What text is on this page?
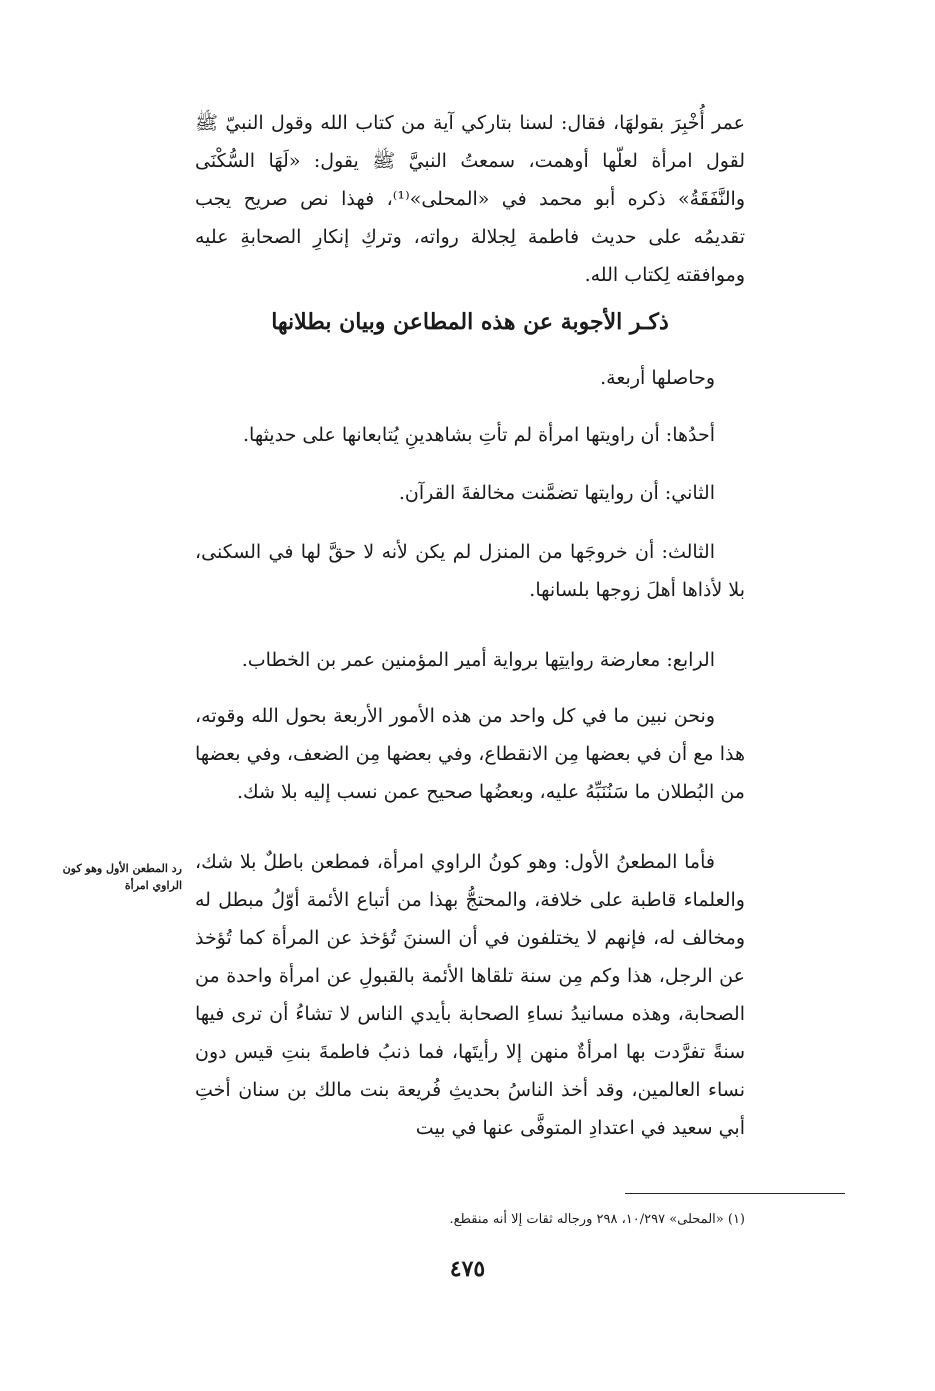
عمر أُخْبِرَ بقولهَا، فقال: لسنا بتاركي آية من كتاب الله وقول النبيّ ﷺ لقول امرأة لعلّها أوهمت، سمعتُ النبيَّ ﷺ يقول: «لَهَا السُّكْنَى والنَّفَقَةُ» ذكره أبو محمد في «المحلى»⁽¹⁾، فهذا نص صريح يجب تقديمُه على حديث فاطمة لِجلالة رواته، وتركِ إنكارِ الصحابةِ عليه وموافقته لِكتاب الله.

ذكـر الأجوبة عن هذه المطاعن وبيان بطلانها

وحاصلها أربعة.

أحدُها: أن راويتها امرأة لم تأتِ بشاهدينِ يُتابعانها على حديثها.

الثاني: أن روايتها تضمَّنت مخالفةَ القرآن.

الثالث: أن خروجَها من المنزل لم يكن لأنه لا حقَّ لها في السكنى، بلا لأذاها أهلَ زوجها بلسانها.

الرابع: معارضة روايتِها برواية أمير المؤمنين عمر بن الخطاب.

ونحن نبين ما في كل واحد من هذه الأمور الأربعة بحول الله وقوته، هذا مع أن في بعضها مِن الانقطاع، وفي بعضها مِن الضعف، وفي بعضها من البُطلان ما سَنُنَبِّهُ عليه، وبعضُها صحيح عمن نسب إليه بلا شك.

فأما المطعنُ الأول: وهو كونُ الراوي امرأة، فمطعن باطلٌ بلا شك، والعلماء قاطبة على خلافة، والمحتجُّ بهذا من أتباع الأئمة أوّلُ مبطل له ومخالف له، فإنهم لا يختلفون في أن السننَ تُؤخذ عن المرأة كما تُؤخذ عن الرجل، هذا وكم مِن سنة تلقاها الأئمة بالقبولِ عن امرأة واحدة من الصحابة، وهذه مسانيدُ نساءِ الصحابة بأيدي الناس لا تشاءُ أن ترى فيها سنةً تفرَّدت بها امرأةٌ منهن إلا رأيتَها، فما ذنبُ فاطمةَ بنتِ قيس دون نساء العالمين، وقد أخذ الناسُ بحديثِ فُريعة بنت مالك بن سنان أختِ أبي سعيد في اعتدادِ المتوفَّى عنها في بيت

رد المطعن الأول وهو كون الراوي امرأة
(١) «المحلى» ١٠/٢٩٧، ٢٩٨ ورجاله ثقات إلا أنه منقطع.
٤٧٥
